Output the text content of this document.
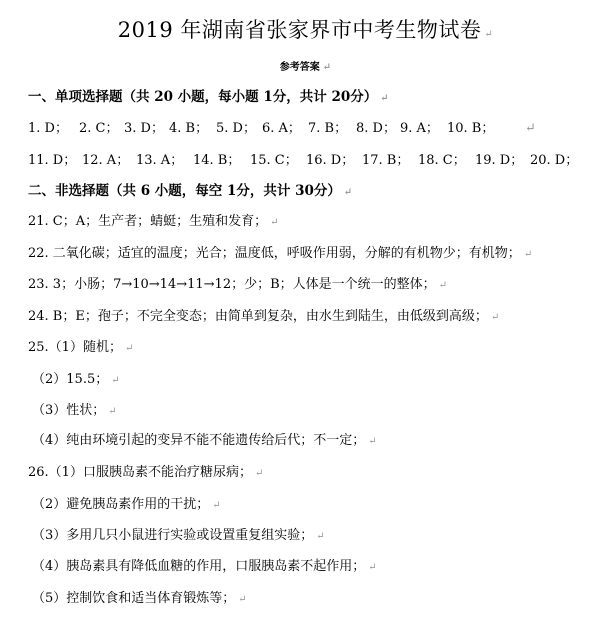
2019 年湖南省张家界市中考生物试卷 ↵
参考答案 ↵
一、单项选择题（共 20 小题，每小题 1分，共计 20分） ↵
1. D； 2. C； 3. D； 4. B； 5. D； 6. A； 7. B； 8. D； 9. A； 10. B； ↵
11. D； 12. A； 13. A； 14. B； 15. C； 16. D； 17. B； 18. C； 19. D； 20. D；
二、非选择题（共 6 小题，每空 1分，共计 30分） ↵
21. C；A；生产者；蜻蜓；生殖和发育； ↵
22. 二氧化碳；适宜的温度；光合；温度低，呼吸作用弱，分解的有机物少；有机物； ↵
23. 3；小肠；7→10→14→11→12；少；B；人体是一个统一的整体； ↵
24. B；E；孢子；不完全变态；由简单到复杂，由水生到陆生，由低级到高级； ↵
25.（1）随机； ↵
（2）15.5； ↵
（3）性状； ↵
（4）纯由环境引起的变异不能不能遗传给后代；不一定； ↵
26.（1）口服胰岛素不能治疗糖尿病； ↵
（2）避免胰岛素作用的干扰； ↵
（3）多用几只小鼠进行实验或设置重复组实验； ↵
（4）胰岛素具有降低血糖的作用，口服胰岛素不起作用； ↵
（5）控制饮食和适当体育锻炼等； ↵
